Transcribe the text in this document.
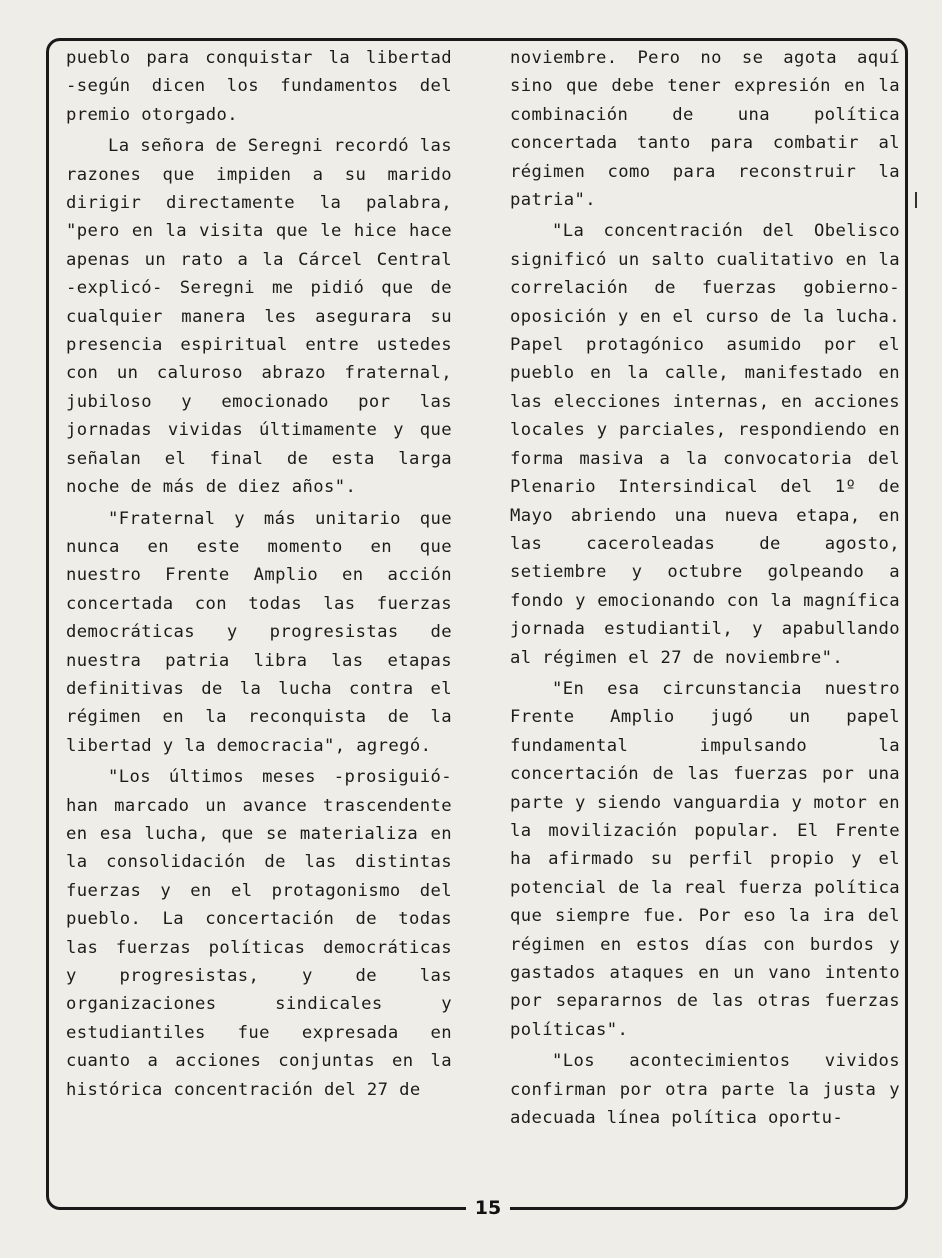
pueblo para conquistar la libertad -según dicen los fundamentos del premio otorgado.

La señora de Seregni recordó las razones que impiden a su marido dirigir directamente la palabra, "pero en la visita que le hice hace apenas un rato a la Cárcel Central -explicó- Seregni me pidió que de cualquier manera les asegurara su presencia espiritual entre ustedes con un caluroso abrazo fraternal, jubiloso y emocionado por las jornadas vividas últimamente y que señalan el final de esta larga noche de más de diez años".

"Fraternal y más unitario que nunca en este momento en que nuestro Frente Amplio en acción concertada con todas las fuerzas democráticas y progresistas de nuestra patria libra las etapas definitivas de la lucha contra el régimen en la reconquista de la libertad y la democracia", agregó.

"Los últimos meses -prosiguió- han marcado un avance trascendente en esa lucha, que se materializa en la consolidación de las distintas fuerzas y en el protagonismo del pueblo. La concertación de todas las fuerzas políticas democráticas y progresistas, y de las organizaciones sindicales y estudiantiles fue expresada en cuanto a acciones conjuntas en la histórica concentración del 27 de

noviembre. Pero no se agota aquí sino que debe tener expresión en la combinación de una política concertada tanto para combatir al régimen como para reconstruir la patria".

"La concentración del Obelisco significó un salto cualitativo en la correlación de fuerzas gobierno-oposición y en el curso de la lucha. Papel protagónico asumido por el pueblo en la calle, manifestado en las elecciones internas, en acciones locales y parciales, respondiendo en forma masiva a la convocatoria del Plenario Intersindical del 1º de Mayo abriendo una nueva etapa, en las caceroleadas de agosto, setiembre y octubre golpeando a fondo y emocionando con la magnífica jornada estudiantil, y apabullando al régimen el 27 de noviembre".

"En esa circunstancia nuestro Frente Amplio jugó un papel fundamental impulsando la concertación de las fuerzas por una parte y siendo vanguardia y motor en la movilización popular. El Frente ha afirmado su perfil propio y el potencial de la real fuerza política que siempre fue. Por eso la ira del régimen en estos días con burdos y gastados ataques en un vano intento por separarnos de las otras fuerzas políticas".

"Los acontecimientos vividos confirman por otra parte la justa y adecuada línea política oportu-

15
